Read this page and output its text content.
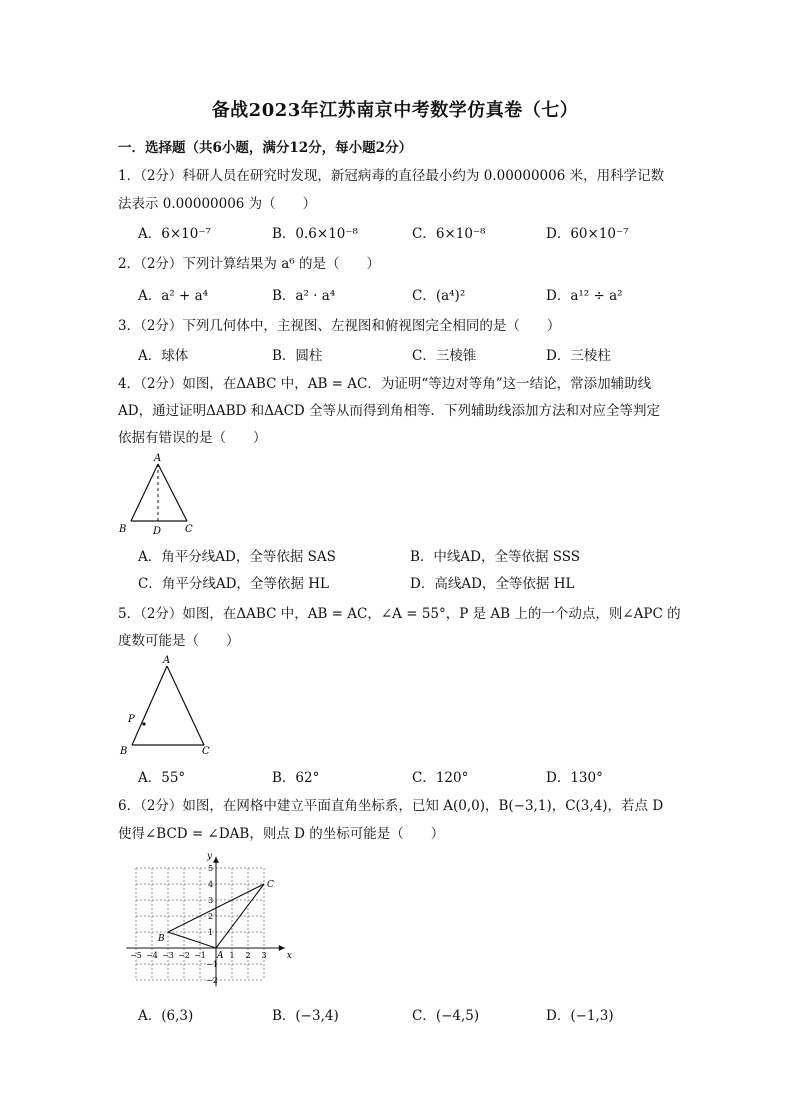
备战2023年江苏南京中考数学仿真卷（七）
一．选择题（共6小题，满分12分，每小题2分）
1．（2分）科研人员在研究时发现，新冠病毒的直径最小约为 0.00000006 米，用科学记数
法表示 0.00000006 为（　　）
A．6×10⁻⁷	B．0.6×10⁻⁸	C．6×10⁻⁸	D．60×10⁻⁷
2．（2分）下列计算结果为 a⁶ 的是（　　）
A．a² + a⁴	B．a² · a⁴	C．(a⁴)²	D．a¹² ÷ a²
3．（2分）下列几何体中，主视图、左视图和俯视图完全相同的是（　　）
A．球体	B．圆柱	C．三棱锥	D．三棱柱
4．（2分）如图，在ΔABC 中，AB = AC．为证明“等边对等角”这一结论，常添加辅助线
AD，通过证明ΔABD 和ΔACD 全等从而得到角相等．下列辅助线添加方法和对应全等判定
依据有错误的是（　　）
A
B	D C
A．角平分线AD，全等依据 SAS	B．中线AD，全等依据 SSS
C．角平分线AD，全等依据 HL	D．高线AD，全等依据 HL
5．（2分）如图，在ΔABC 中，AB = AC，∠A = 55°，P 是 AB 上的一个动点，则∠APC 的
度数可能是（　　）
A
P
B	C
A．55°	B．62°	C．120°	D．130°
6．（2分）如图，在网格中建立平面直角坐标系，已知 A(0,0)，B(−3,1)，C(3,4)，若点 D
使得∠BCD = ∠DAB，则点 D 的坐标可能是（　　）
−5 −4 −3 −2 −1	1 2 3
5
4
3
2
1
−1
−2
y
x
A
B
C
A．(6,3)	B．(−3,4)	C．(−4,5)	D．(−1,3)
